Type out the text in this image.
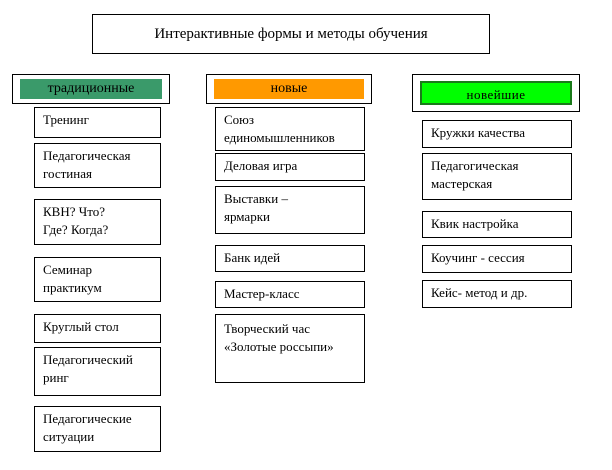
Интерактивные формы и методы обучения
традиционные	новые	новейшие
Тренинг
Педагогическая
гостиная
КВН? Что?
Где? Когда?
Семинар
практикум
Круглый стол
Педагогический
ринг
Педагогические
ситуации
Союз
единомышленников
Деловая игра
Выставки –
ярмарки
Банк идей
Мастер-класс
Творческий час
«Золотые россыпи»
Кружки качества
Педагогическая
мастерская
Квик настройка
Коучинг - сессия
Кейс- метод и др.
